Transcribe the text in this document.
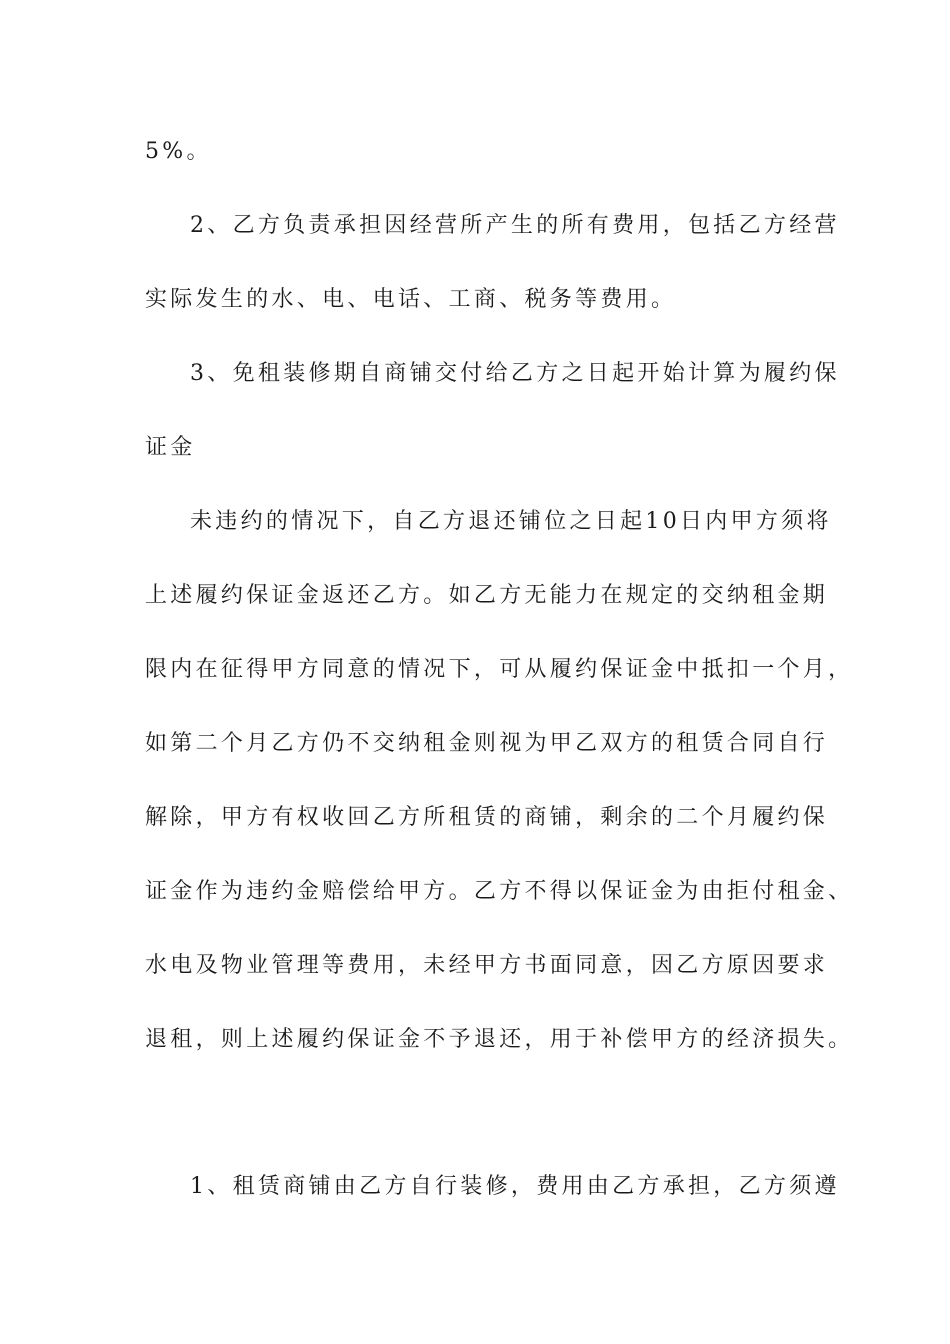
5%。
2、乙方负责承担因经营所产生的所有费用，包括乙方经营
实际发生的水、电、电话、工商、税务等费用。
3、免租装修期自商铺交付给乙方之日起开始计算为履约保
证金
未违约的情况下，自乙方退还铺位之日起10日内甲方须将
上述履约保证金返还乙方。如乙方无能力在规定的交纳租金期
限内在征得甲方同意的情况下，可从履约保证金中抵扣一个月，
如第二个月乙方仍不交纳租金则视为甲乙双方的租赁合同自行
解除，甲方有权收回乙方所租赁的商铺，剩余的二个月履约保
证金作为违约金赔偿给甲方。乙方不得以保证金为由拒付租金、
水电及物业管理等费用，未经甲方书面同意，因乙方原因要求
退租，则上述履约保证金不予退还，用于补偿甲方的经济损失。
1、租赁商铺由乙方自行装修，费用由乙方承担，乙方须遵
